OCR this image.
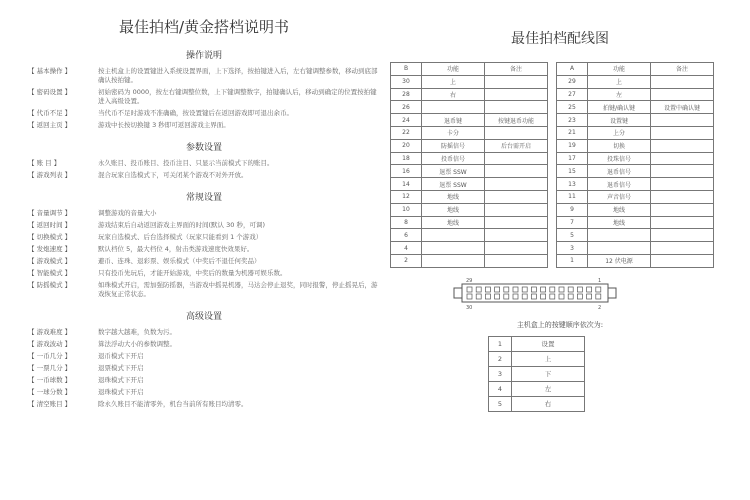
最佳拍档/黄金搭档说明书
操作说明
【 基本操作 】	按主机盒上的设置键进入系统设置界面，上下选择，按拍键进入后，左右键调整参数，移动到底部确认按拍键。
【 密码设置 】	初始密码为 0000，按左右键调整位数，上下键调整数字，拍键确认后，移动到确定的位置按拍键进入高级设置。
【 代币不足 】	当代币不足时游戏不准确确，按设置键后在返回游戏即可退出余币。
【 返回主页 】	游戏中长按切换键 3 秒即可返回游戏主界面。
参数设置
【 账 目 】	永久账目、投币账目、投币注目、只显示当前模式下的账目。
【 游戏列表 】	混合玩家自选模式下，可关闭某个游戏不对外开放。
常规设置
【 音量调节 】	调整游戏的音量大小
【 返回时间 】	游戏结束后自动返回游戏主界面的时间(默认 30 秒，可调)
【 切换模式 】	玩家自选模式、后台选择模式（玩家只能看到 1 个游戏）
【 发炮速度 】	默认档位 5，最大档位 4，射击类游戏速度快效果好。
【 游戏模式 】	避币、连珠、退彩票、娱乐模式（中奖后不退任何奖品）
【 智能模式 】	只有投币先玩后，才能开始游戏，中奖后的数量为机器可娱乐数。
【 防摇模式 】	如珠模式开启，需加强防摇器，当游戏中摇晃机器，马达会停止退奖，同时报警，停止摇晃后，游戏恢复正常状态。
高级设置
【 游戏难度 】	数字越大越难，负数为污。
【 游戏波动 】	算法浮动大小的参数调整。
【 一币几分 】	退币模式下开启
【 一票几分 】	退票模式下开启
【 一币球数 】	退珠模式下开启
【 一球分数 】	退珠模式下开启
【 清空账目 】	除永久账目不能清零外，机台当前所有账目均清零。
最佳拍档配线图
B	功能	备注		A	功能	备注
30	上			29	上	
28	右			27	左	
26				25	拍键/确认键	设置中确认键
24	退币键	按键退币功能		23	设置键	
22	卡分			21	上分	
20	防摇信号	后台需开启		19	切换	
18	投币信号			17	投珠信号	
16	退票 SSW			15	退币信号	
14	退票 SSW			13	退币信号	
12	地线			11	声音信号	
10	地线			9	地线	
8	地线			7	地线	
6				5		
4				3		
2				1	12 伏电源	
29	1
30	2
主机盒上的按键顺序依次为:
1	设置
2	上
3	下
4	左
5	右
